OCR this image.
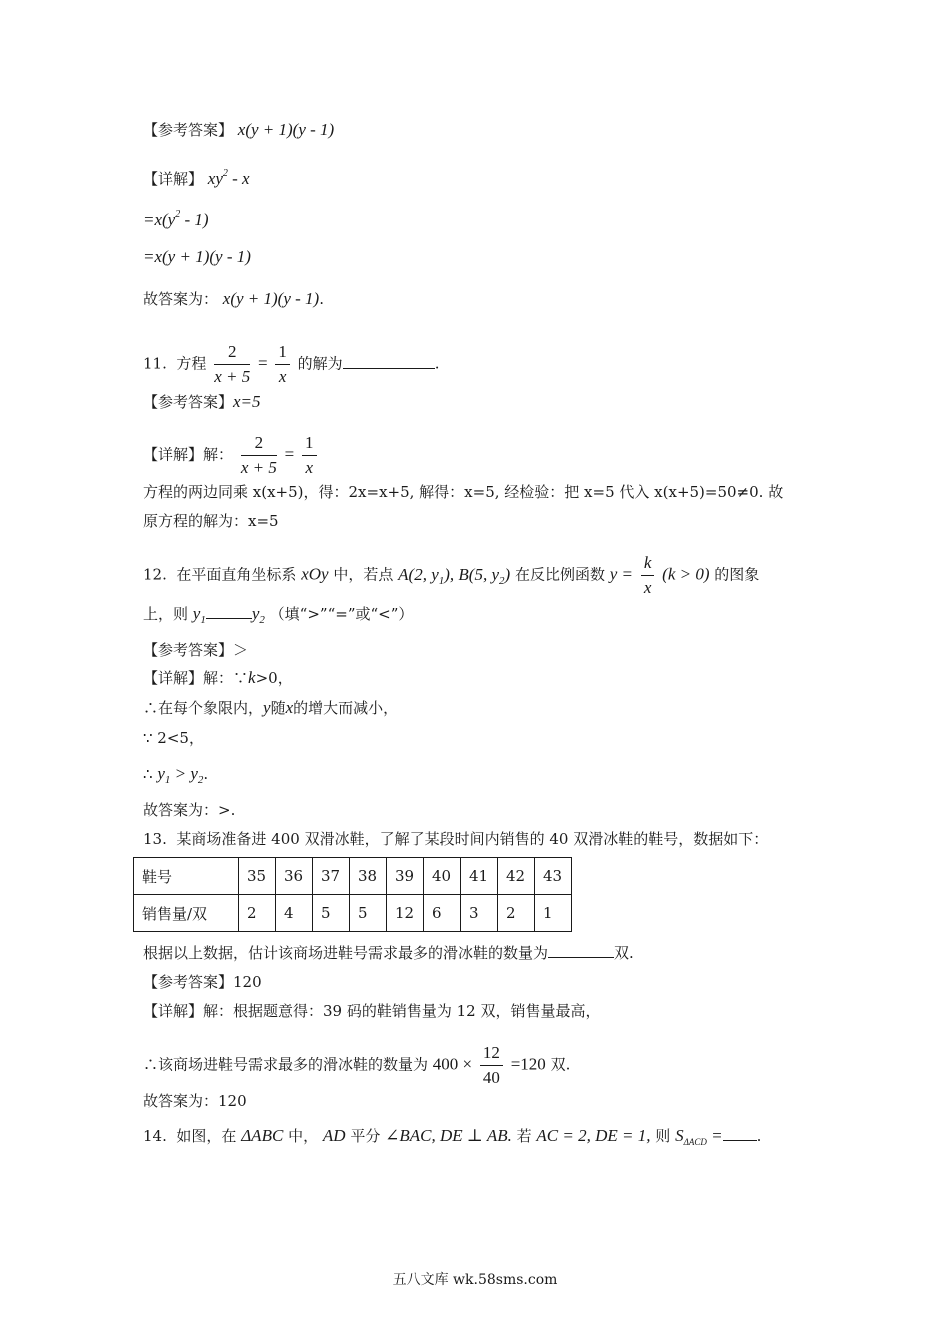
【参考答案】 x(y + 1)(y - 1)
【详解】 $xy^2$ - x
$=x(y^2 - 1)$
=x(y + 1)(y - 1)
故答案为： x(y + 1)(y - 1).
11. 方程 $\frac{2}{x + 5} = \frac{1}{x}$ 的解为	.
【参考答案】x=5
【详解】解： $\frac{2}{x + 5} = \frac{1}{x}$
方程的两边同乘 x(x+5)，得：2x=x+5, 解得：x=5, 经检验：把 x=5 代入 x(x+5)=50≠0. 故
原方程的解为：x=5
12. 在平面直角坐标系 xOy 中，若点 A(2, $y_1$), B(5, $y_2$) 在反比例函数 $y = \frac{k}{x} (k > 0)$ 的图象
上，则 $y_1$	$y_2$ （填“>”“=”或“<”）
【参考答案】＞
【详解】解：∵k>0，
∴在每个象限内，y随x的增大而减小，
∵ 2<5，
∴ $y_1 > y_2$.
故答案为：>.
13. 某商场准备进 400 双滑冰鞋，了解了某段时间内销售的 40 双滑冰鞋的鞋号，数据如下：
鞋号	35	36	37	38	39	40	41	42	43
销售量/双	2	4	5	5	12	6	3	2	1
根据以上数据，估计该商场进鞋号需求最多的滑冰鞋的数量为	双.
【参考答案】120
【详解】解：根据题意得：39 码的鞋销售量为 12 双，销售量最高，
∴该商场进鞋号需求最多的滑冰鞋的数量为 $400 \times \frac{12}{40} =120$ 双.
故答案为：120
14. 如图，在 ΔABC 中， AD 平分 ∠BAC, DE ⊥ AB. 若 AC = 2, DE = 1, 则 $S_{\Delta ACD}$ = .
五八文库 wk.58sms.com
